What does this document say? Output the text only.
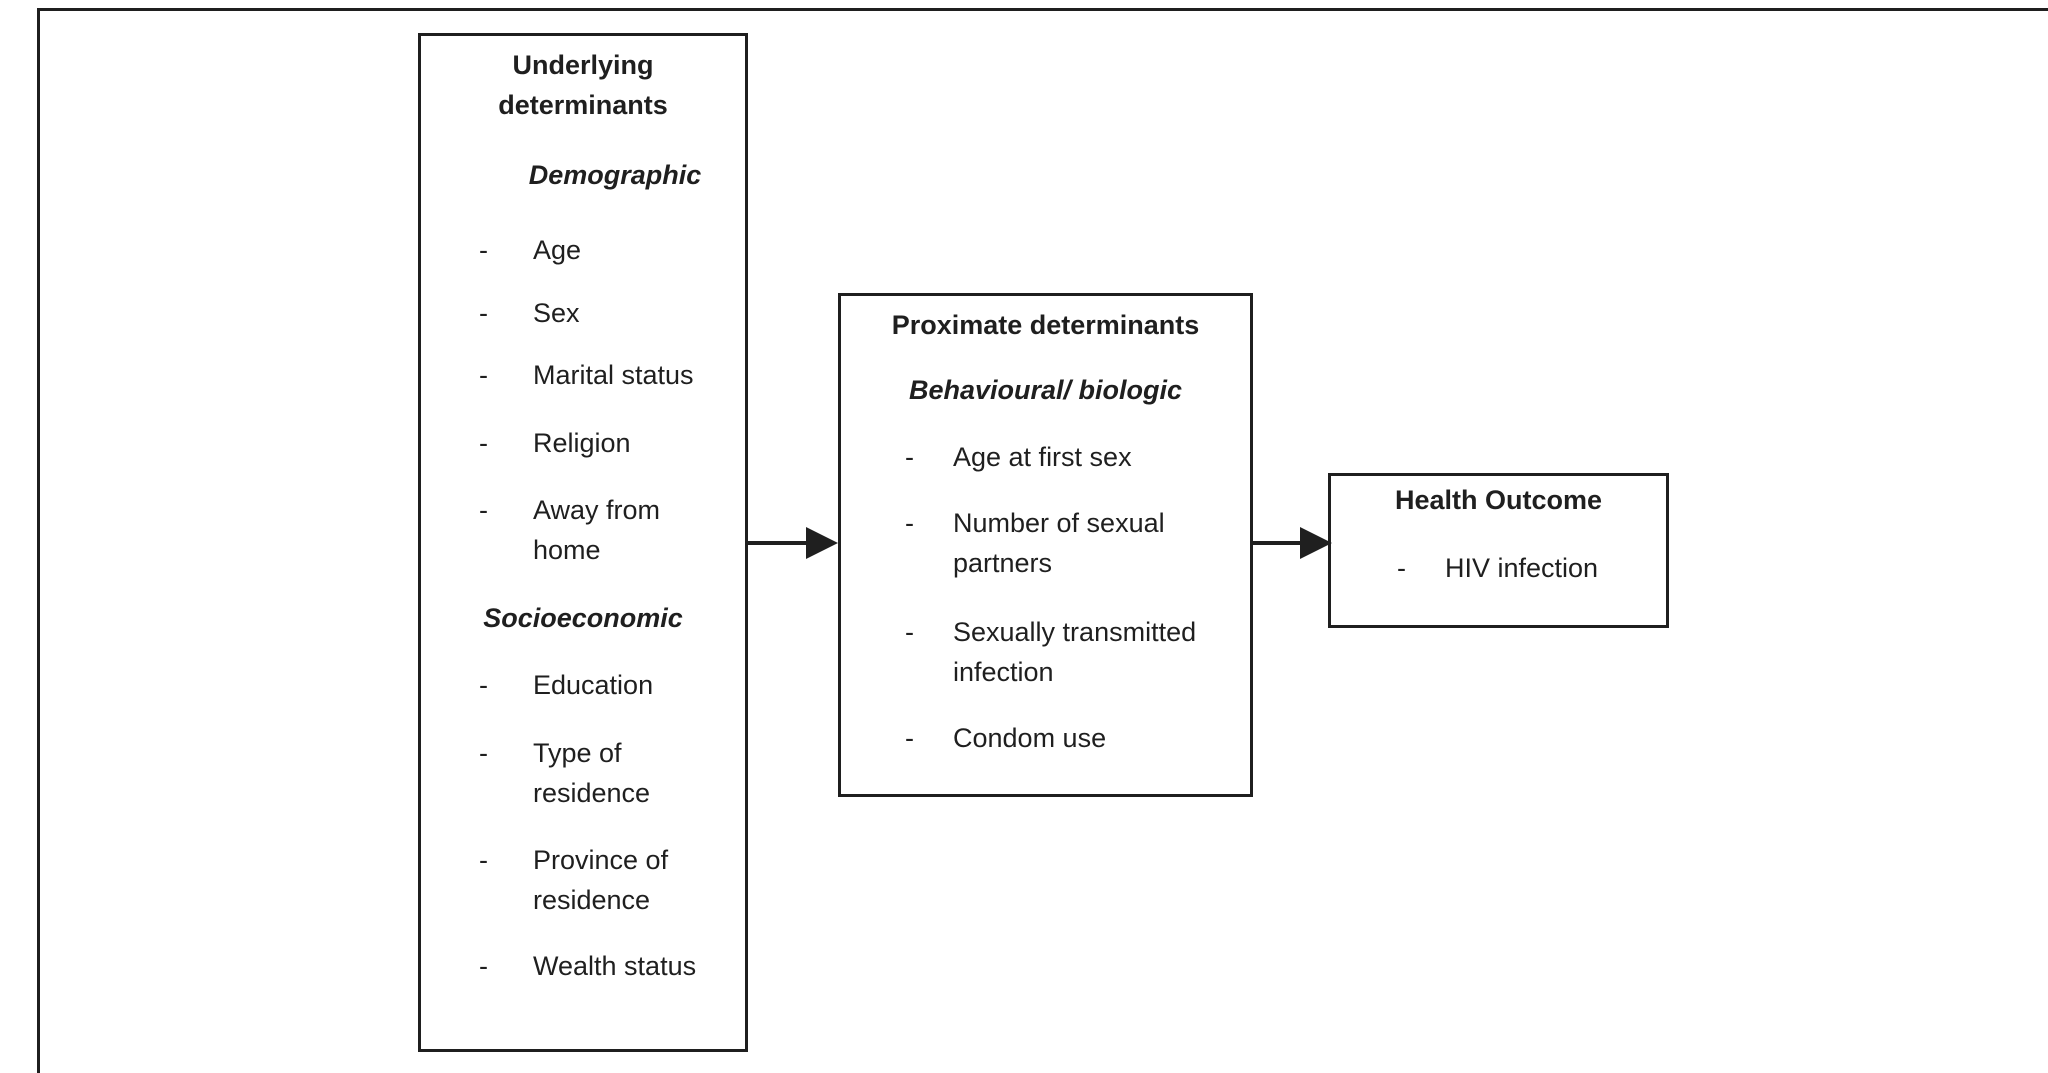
Underlying determinants
Demographic
-	Age
-	Sex
-	Marital status
-	Religion
-	Away from home
Socioeconomic
-	Education
-	Type of residence
-	Province of residence
-	Wealth status
Proximate determinants
Behavioural/ biologic
-	Age at first sex
-	Number of sexual partners
-	Sexually transmitted infection
-	Condom use
Health Outcome
-	HIV infection
